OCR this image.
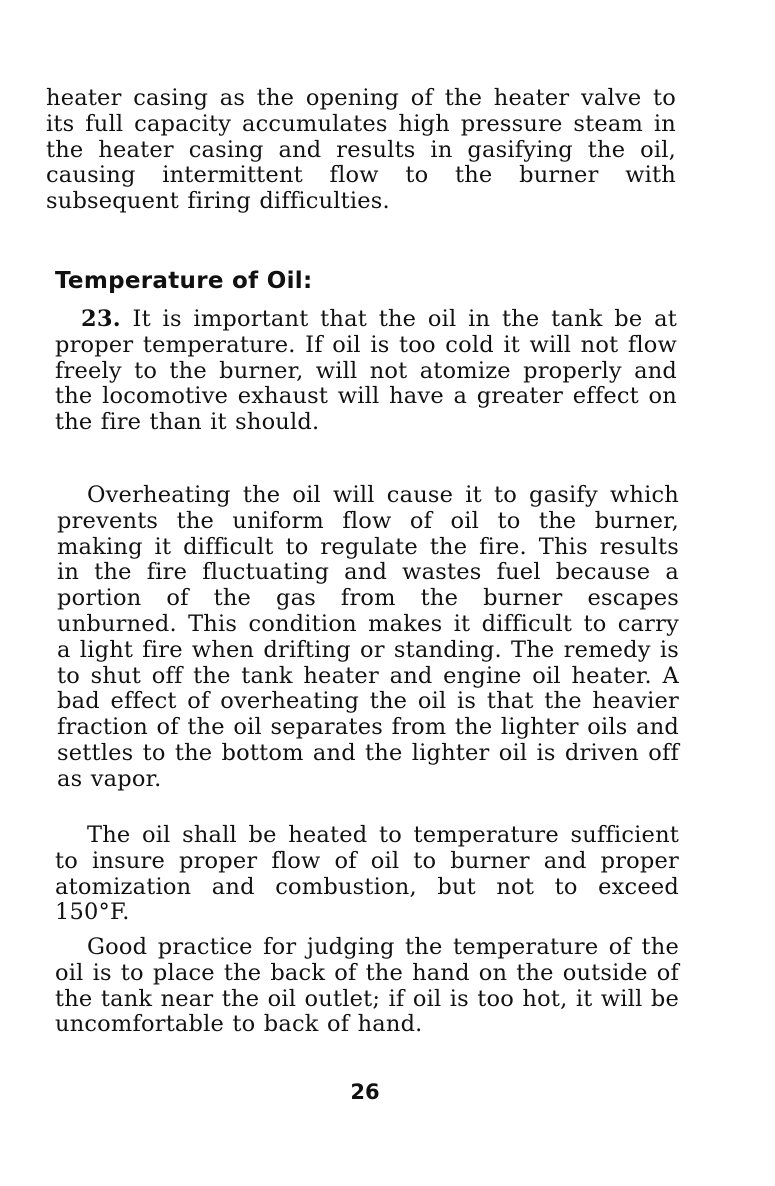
heater casing as the opening of the heater valve to its full capacity accumulates high pressure steam in the heater casing and results in gasifying the oil, causing intermittent flow to the burner with subsequent firing difficulties.

Temperature of Oil:

23. It is important that the oil in the tank be at proper temperature. If oil is too cold it will not flow freely to the burner, will not atomize properly and the locomotive exhaust will have a greater effect on the fire than it should.

Overheating the oil will cause it to gasify which prevents the uniform flow of oil to the burner, making it difficult to regulate the fire. This results in the fire fluctuating and wastes fuel because a portion of the gas from the burner escapes unburned. This condition makes it difficult to carry a light fire when drifting or standing. The remedy is to shut off the tank heater and engine oil heater. A bad effect of overheating the oil is that the heavier fraction of the oil separates from the lighter oils and settles to the bottom and the lighter oil is driven off as vapor.

The oil shall be heated to temperature sufficient to insure proper flow of oil to burner and proper atomization and combustion, but not to exceed 150°F.

Good practice for judging the temperature of the oil is to place the back of the hand on the outside of the tank near the oil outlet; if oil is too hot, it will be uncomfortable to back of hand.

26
